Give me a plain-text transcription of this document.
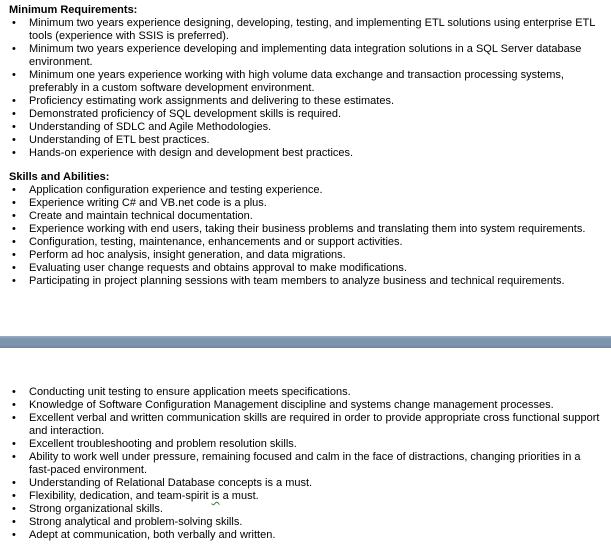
Minimum Requirements:
• Minimum two years experience designing, developing, testing, and implementing ETL solutions using enterprise ETL tools (experience with SSIS is preferred).
• Minimum two years experience developing and implementing data integration solutions in a SQL Server database environment.
• Minimum one years experience working with high volume data exchange and transaction processing systems, preferably in a custom software development environment.
• Proficiency estimating work assignments and delivering to these estimates.
• Demonstrated proficiency of SQL development skills is required.
• Understanding of SDLC and Agile Methodologies.
• Understanding of ETL best practices.
• Hands-on experience with design and development best practices.
Skills and Abilities:
• Application configuration experience and testing experience.
• Experience writing C# and VB.net code is a plus.
• Create and maintain technical documentation.
• Experience working with end users, taking their business problems and translating them into system requirements.
• Configuration, testing, maintenance, enhancements and or support activities.
• Perform ad hoc analysis, insight generation, and data migrations.
• Evaluating user change requests and obtains approval to make modifications.
• Participating in project planning sessions with team members to analyze business and technical requirements.
• Conducting unit testing to ensure application meets specifications.
• Knowledge of Software Configuration Management discipline and systems change management processes.
• Excellent verbal and written communication skills are required in order to provide appropriate cross functional support and interaction.
• Excellent troubleshooting and problem resolution skills.
• Ability to work well under pressure, remaining focused and calm in the face of distractions, changing priorities in a fast-paced environment.
• Understanding of Relational Database concepts is a must.
• Flexibility, dedication, and team-spirit is a must.
• Strong organizational skills.
• Strong analytical and problem-solving skills.
• Adept at communication, both verbally and written.
